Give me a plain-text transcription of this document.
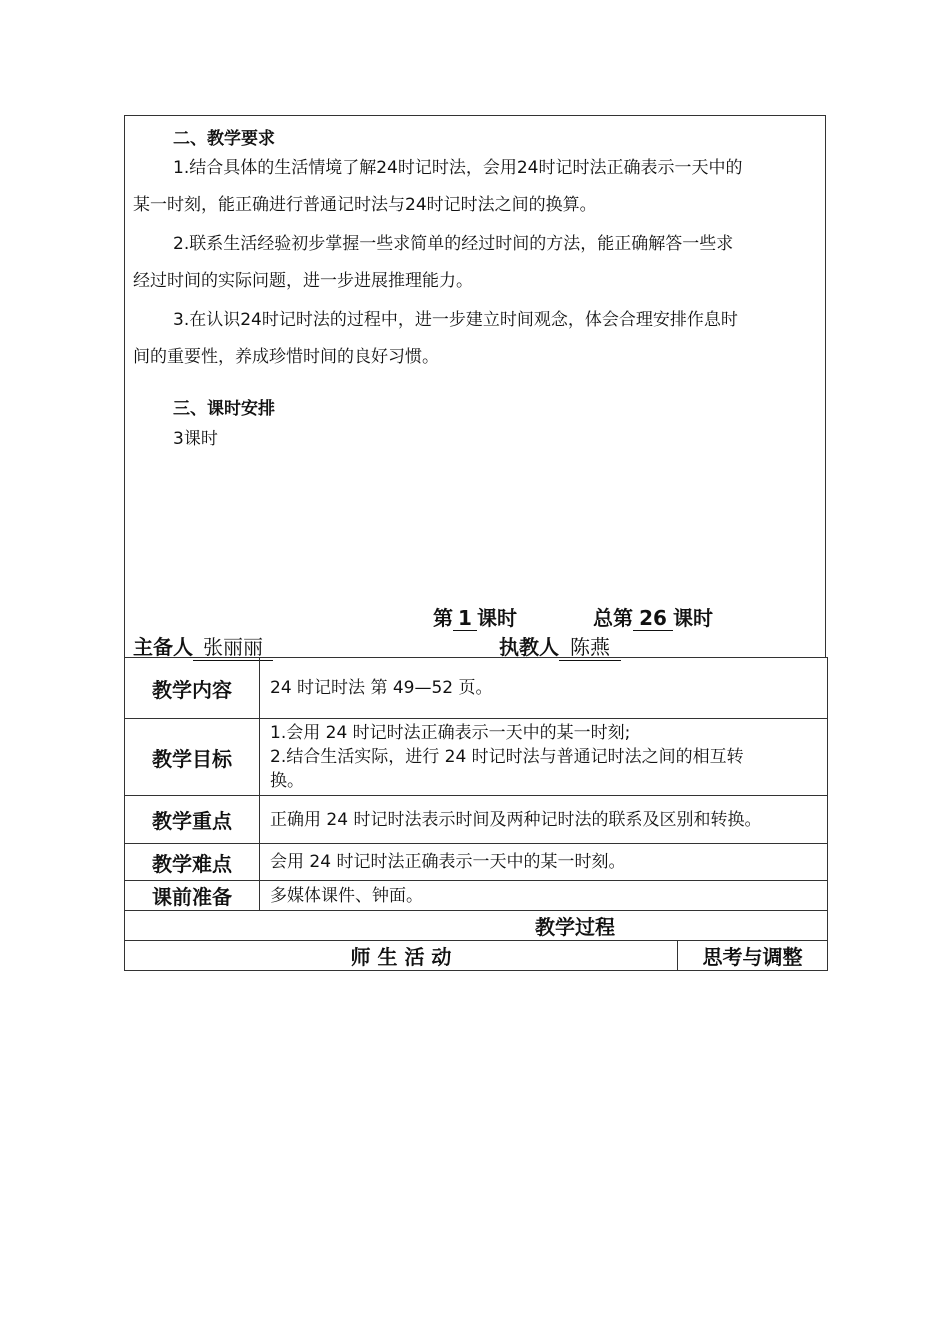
二、教学要求
1.结合具体的生活情境了解24时记时法，会用24时记时法正确表示一天中的
某一时刻，能正确进行普通记时法与24时记时法之间的换算。
2.联系生活经验初步掌握一些求简单的经过时间的方法，能正确解答一些求
经过时间的实际问题，进一步进展推理能力。
3.在认识24时记时法的过程中，进一步建立时间观念，体会合理安排作息时
间的重要性，养成珍惜时间的良好习惯。
三、课时安排
3课时
第 1 课时	总第 26 课时
主备人 张丽丽	执教人 陈燕
教学内容	24 时记时法 第 49—52 页。	
教学目标	1.会用 24 时记时法正确表示一天中的某一时刻;
2.结合生活实际，进行 24 时记时法与普通记时法之间的相互转
换。	

教学重点	正确用 24 时记时法表示时间及两种记时法的联系及区别和转换。	
教学难点	会用 24 时记时法正确表示一天中的某一时刻。	
课前准备	多媒体课件、钟面。	
教学过程		
师 生 活 动		思考与调整
